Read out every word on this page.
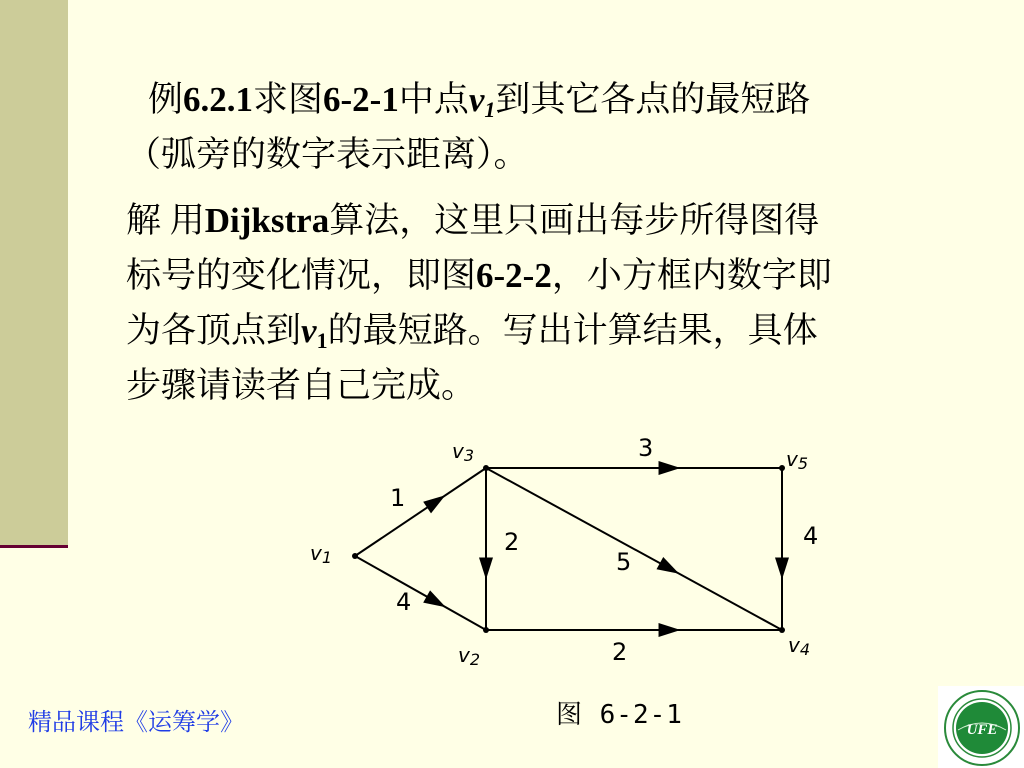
例6.2.1求图6-2-1中点$v_1$到其它各点的最短路
（弧旁的数字表示距离）。

解 用Dijkstra算法，这里只画出每步所得图得
标号的变化情况，即图6-2-2，小方框内数字即
为各顶点到$v_1$的最短路。写出计算结果，具体
步骤请读者自己完成。

1
4
2
3
5
2
4
v1
v2
v3
v4
v5
图 6-2-1
精品课程《运筹学》	UFE
